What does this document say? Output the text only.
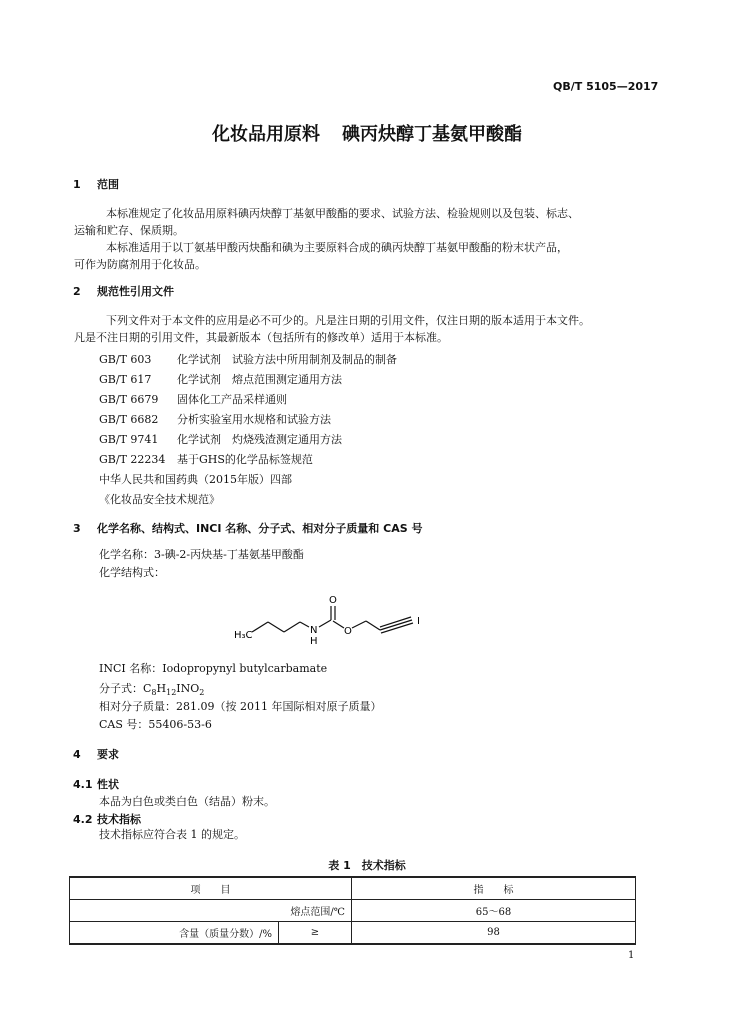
QB/T 5105—2017
化妆品用原料 碘丙炔醇丁基氨甲酸酯
1 范围
本标准规定了化妆品用原料碘丙炔醇丁基氨甲酸酯的要求、试验方法、检验规则以及包装、标志、
运输和贮存、保质期。
本标准适用于以丁氨基甲酸丙炔酯和碘为主要原料合成的碘丙炔醇丁基氨甲酸酯的粉末状产品，
可作为防腐剂用于化妆品。
2 规范性引用文件
下列文件对于本文件的应用是必不可少的。凡是注日期的引用文件，仅注日期的版本适用于本文件。
凡是不注日期的引用文件，其最新版本（包括所有的修改单）适用于本标准。
GB/T 603 化学试剂　试验方法中所用制剂及制品的制备
GB/T 617 化学试剂　熔点范围测定通用方法
GB/T 6679 固体化工产品采样通则
GB/T 6682 分析实验室用水规格和试验方法
GB/T 9741 化学试剂　灼烧残渣测定通用方法
GB/T 22234 基于GHS的化学品标签规范
中华人民共和国药典（2015年版）四部
《化妆品安全技术规范》
3 化学名称、结构式、INCI 名称、分子式、相对分子质量和 CAS 号
化学名称：3-碘-2-丙炔基-丁基氨基甲酸酯
化学结构式：
H₃C	N
H
O
O
I
INCI 名称：Iodopropynyl butylcarbamate
分子式：$C_8H_{12}INO_2$
相对分子质量：281.09（按 2011 年国际相对原子质量）
CAS 号：55406-53-6
4 要求
4.1 性状
本品为白色或类白色（结晶）粉末。
4.2 技术指标
技术指标应符合表 1 的规定。
表 1　技术指标
项　　目		指　　标
熔点范围/℃		65～68
含量（质量分数）/%	≥	98
1
